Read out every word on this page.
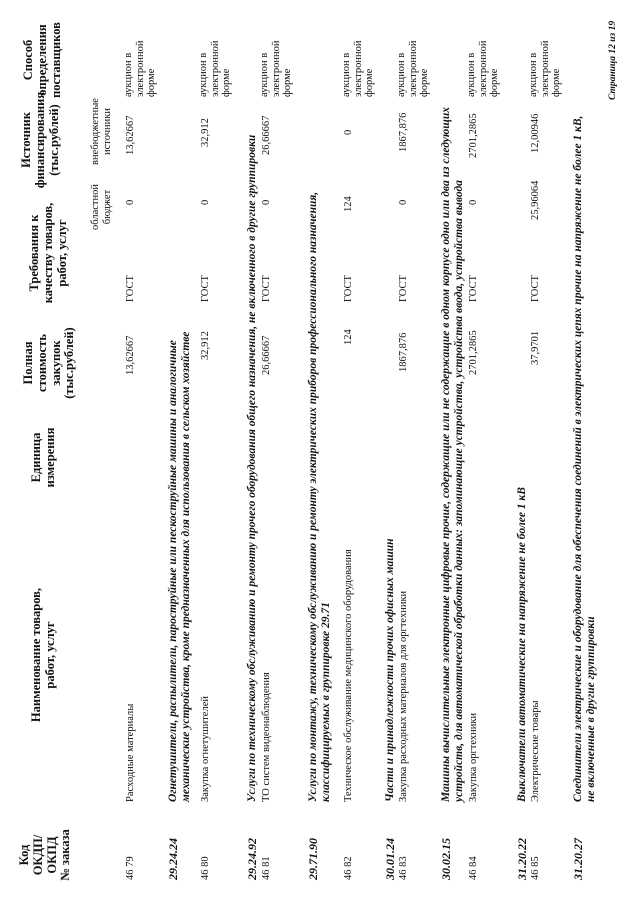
Код ОКДП/ ОКПД № заказа
Наименование товаров, работ, услуг
Единица измерения
Полная стоимость закупок (тыс.рублей)
Требования к качеству товаров, работ, услуг
Источник финансирования (тыс.рублей)
областной бюджет
внебюджетные источники
Способ определения поставщиков
46 79
Расходные материалы
13,62667
ГОСТ
0
13,62667
аукцион в электронной форме
29.24.24
Огнетушители, распылители, пароструйные или пескоструйные машины и аналогичные механические устройства, кроме предназначенных для использования в сельском хозяйстве
46 80
Закупка огнетушителей
32,912
ГОСТ
0
32,912
аукцион в электронной форме
29.24.92
Услуги по техническому обслуживанию и ремонту прочего оборудования общего назначения, не включенного в другие группировки
46 81
ТО систем видеонаблюдения
26,66667
ГОСТ
0
26,66667
аукцион в электронной форме
29.71.90
Услуги по монтажу, техническому обслуживанию и ремонту электрических приборов профессионального назначения, классифицируемых в группировке 29.71
46 82
Техническое обслуживание медицинского оборудования
124
ГОСТ
124
0
аукцион в электронной форме
30.01.24
Части и принадлежности прочих офисных машин
46 83
Закупка расходных материалов для оргтехники
1867,876
ГОСТ
0
1867,876
аукцион в электронной форме
30.02.15
Машины вычислительные электронные цифровые прочие, содержащие или не содержащие в одном корпусе одно или два из следующих устройств, для автоматической обработки данных: запоминающие устройства, устройства ввода, устройства вывода
46 84
Закупка оргтехники
2701,2865
ГОСТ
0
2701,2865
аукцион в электронной форме
31.20.22
Выключатели автоматические на напряжение не более 1 кВ
46 85
Электрические товары
37,9701
ГОСТ
25,96064
12,00946
аукцион в электронной форме
31.20.27
Соединители электрические и оборудование для обеспечения соединений в электрических цепях прочие на напряжение не более 1 кВ, не включенные в другие группировки
Страница 12 из 19
